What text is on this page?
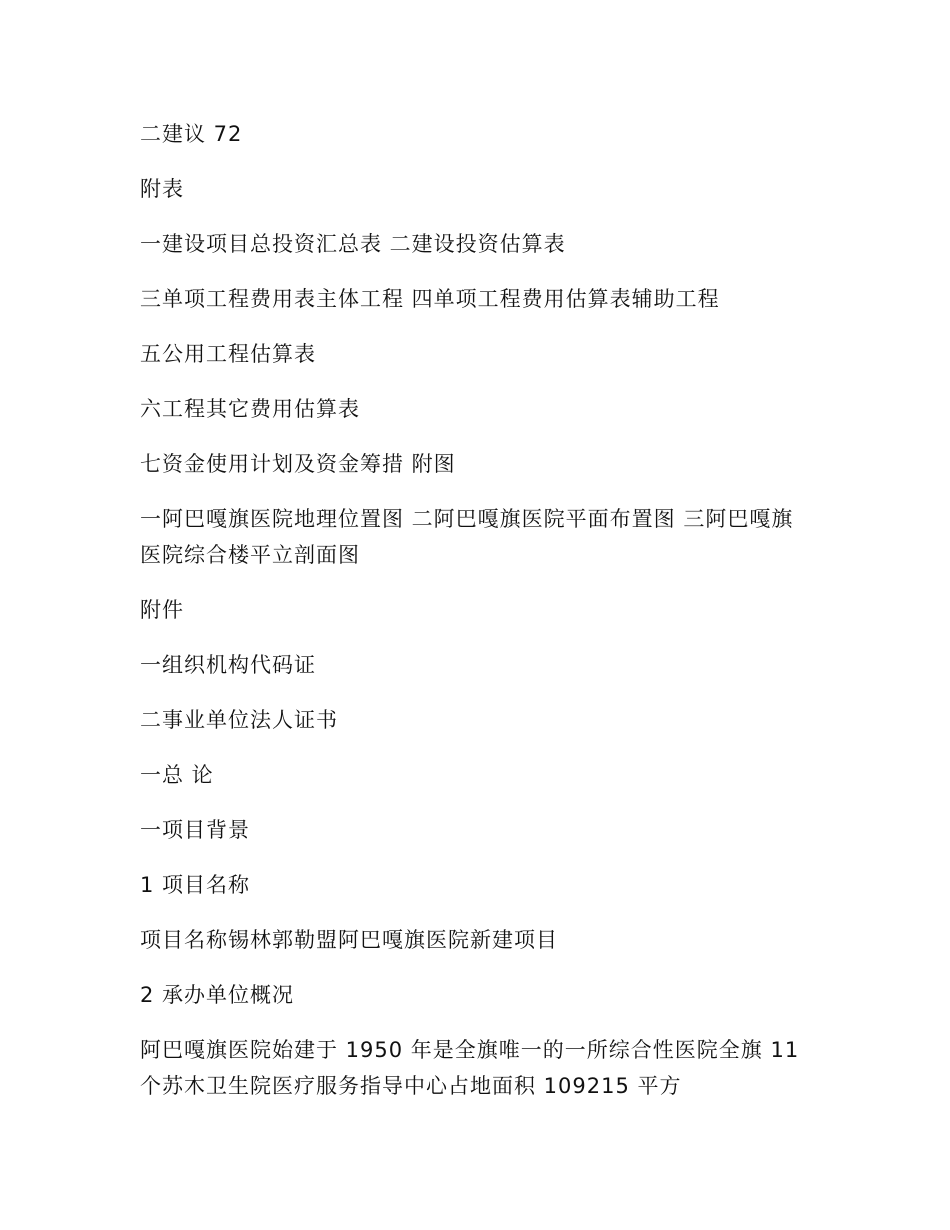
二建议 72

附表

一建设项目总投资汇总表 二建设投资估算表

三单项工程费用表主体工程 四单项工程费用估算表辅助工程

五公用工程估算表

六工程其它费用估算表

七资金使用计划及资金筹措 附图

一阿巴嘎旗医院地理位置图 二阿巴嘎旗医院平面布置图 三阿巴嘎旗医院综合楼平立剖面图

附件

一组织机构代码证

二事业单位法人证书

一总 论

一项目背景

1 项目名称

项目名称锡林郭勒盟阿巴嘎旗医院新建项目

2 承办单位概况

阿巴嘎旗医院始建于 1950 年是全旗唯一的一所综合性医院全旗 11 个苏木卫生院医疗服务指导中心占地面积 109215 平方
